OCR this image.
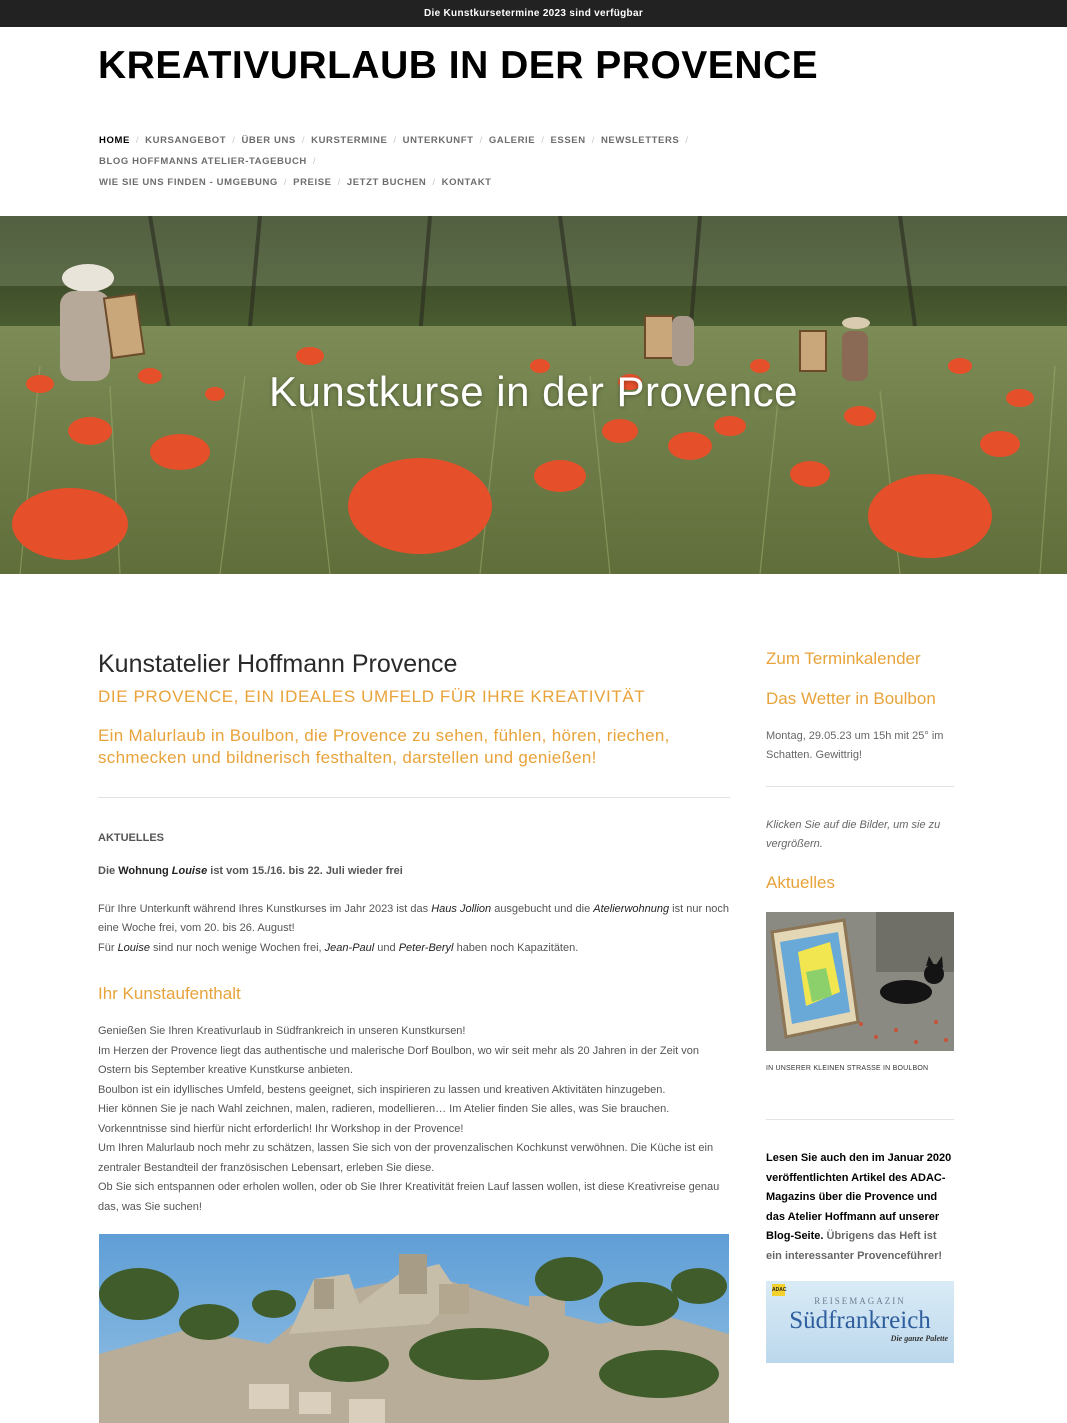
Die Kunstkursetermine 2023 sind verfügbar
KREATIVURLAUB IN DER PROVENCE
HOME / KURSANGEBOT / ÜBER UNS / KURSTERMINE / UNTERKUNFT / GALERIE / ESSEN / NEWSLETTERS /BLOG HOFFMANNS ATELIER-TAGEBUCH /
WIE SIE UNS FINDEN - UMGEBUNG / PREISE / JETZT BUCHEN / KONTAKT
Kunstkurse in der Provence
Kunstatelier Hoffmann Provence
DIE PROVENCE, EIN IDEALES UMFELD FÜR IHRE KREATIVITÄT

Ein Malurlaub in Boulbon, die Provence zu sehen, fühlen, hören, riechen, schmecken und bildnerisch festhalten, darstellen und genießen!

AKTUELLES
Die Wohnung Louise ist vom 15./16. bis 22. Juli wieder frei
Für Ihre Unterkunft während Ihres Kunstkurses im Jahr 2023 ist das Haus Jollion ausgebucht und die Atelierwohnung ist nur noch eine Woche frei, vom 20. bis 26. August!
Für Louise sind nur noch wenige Wochen frei, Jean-Paul und Peter-Beryl haben noch Kapazitäten.
Ihr Kunstaufenthalt
Genießen Sie Ihren Kreativurlaub in Südfrankreich in unseren Kunstkursen!
Im Herzen der Provence liegt das authentische und malerische Dorf Boulbon, wo wir seit mehr als 20 Jahren in der Zeit von Ostern bis September kreative Kunstkurse anbieten.
Boulbon ist ein idyllisches Umfeld, bestens geeignet, sich inspirieren zu lassen und kreativen Aktivitäten hinzugeben.
Hier können Sie je nach Wahl zeichnen, malen, radieren, modellieren… Im Atelier finden Sie alles, was Sie brauchen.
Vorkenntnisse sind hierfür nicht erforderlich! Ihr Workshop in der Provence!
Um Ihren Malurlaub noch mehr zu schätzen, lassen Sie sich von der provenzalischen Kochkunst verwöhnen. Die Küche ist ein zentraler Bestandteil der französischen Lebensart, erleben Sie diese.
Ob Sie sich entspannen oder erholen wollen, oder ob Sie Ihrer Kreativität freien Lauf lassen wollen, ist diese Kreativreise genau das, was Sie suchen!
Zum Terminkalender
Das Wetter in Boulbon
Montag, 29.05.23 um 15h mit 25° im Schatten. Gewittrig!
Klicken Sie auf die Bilder, um sie zu vergrößern.
Aktuelles
IN UNSERER KLEINEN STRASSE IN BOULBON
Lesen Sie auch den im Januar 2020 veröffentlichten Artikel des ADAC-Magazins über die Provence und das Atelier Hoffmann auf unserer Blog-Seite. Übrigens das Heft ist ein interessanter Provenceführer!
ADAC
REISEMAGAZIN
Südfrankreich
Die ganze Palette
